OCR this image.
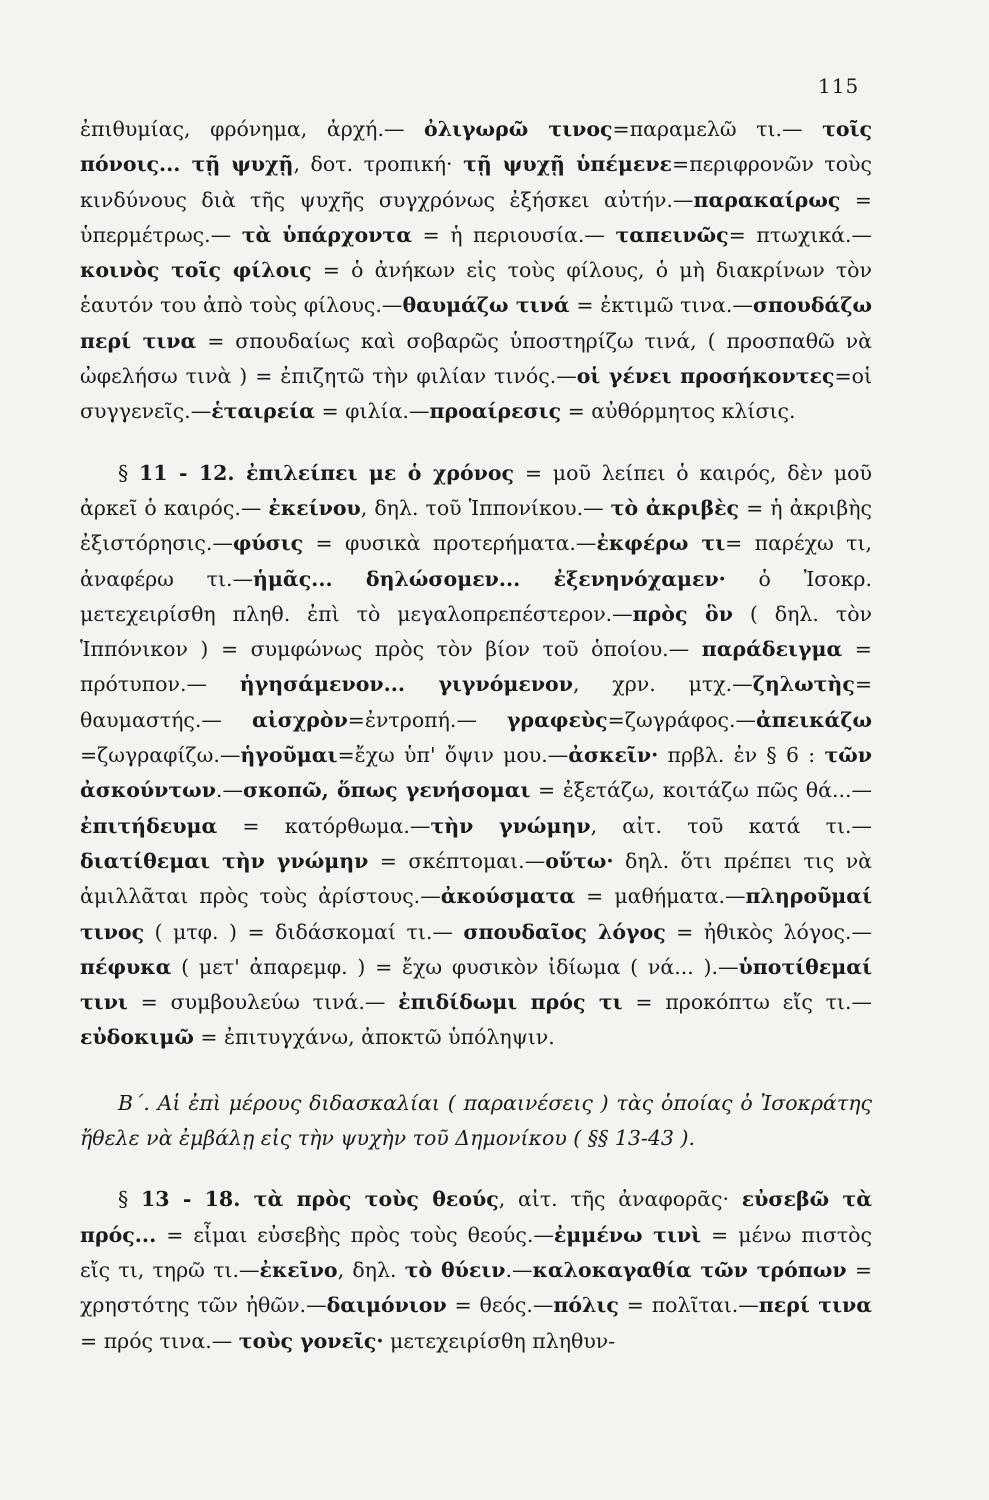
115

ἐπιθυμίας, φρόνημα, ἀρχή.— ὀλιγωρῶ τινος=παραμελῶ τι.— τοῖς πόνοις... τῇ ψυχῇ, δοτ. τροπική· τῇ ψυχῇ ὑπέμενε=περιφρονῶν τοὺς κινδύνους διὰ τῆς ψυχῆς συγχρόνως ἐξήσκει αὐτήν.—παρακαίρως = ὑπερμέτρως.— τὰ ὑπάρχοντα = ἡ περιουσία.— ταπεινῶς= πτωχικά.—κοινὸς τοῖς φίλοις = ὁ ἀνήκων εἰς τοὺς φίλους, ὁ μὴ διακρίνων τὸν ἑαυτόν του ἀπὸ τοὺς φίλους.—θαυμάζω τινά = ἐκτιμῶ τινα.—σπουδάζω περί τινα = σπουδαίως καὶ σοβαρῶς ὑποστηρίζω τινά, ( προσπαθῶ νὰ ὠφελήσω τινὰ ) = ἐπιζητῶ τὴν φιλίαν τινός.—οἱ γένει προσήκοντες=οἱ συγγενεῖς.—ἑταιρεία = φιλία.—προαίρεσις = αὐθόρμητος κλίσις.

§ 11 - 12. ἐπιλείπει με ὁ χρόνος = μοῦ λείπει ὁ καιρός, δὲν μοῦ ἀρκεῖ ὁ καιρός.— ἐκείνου, δηλ. τοῦ Ἱππονίκου.— τὸ ἀκριβὲς = ἡ ἀκριβὴς ἐξιστόρησις.—φύσις = φυσικὰ προτερήματα.—ἐκφέρω τι= παρέχω τι, ἀναφέρω τι.—ἡμᾶς... δηλώσομεν... ἐξενηνόχαμεν· ὁ Ἰσοκρ. μετεχειρίσθη πληθ. ἐπὶ τὸ μεγαλοπρεπέστερον.—πρὸς ὃν ( δηλ. τὸν Ἱππόνικον ) = συμφώνως πρὸς τὸν βίον τοῦ ὁποίου.— παράδειγμα = πρότυπον.— ἡγησάμενον... γιγνόμενον, χρν. μτχ.—ζηλωτὴς= θαυμαστής.— αἰσχρὸν=ἐντροπή.— γραφεὺς=ζωγράφος.—ἀπεικάζω =ζωγραφίζω.—ἡγοῦμαι=ἔχω ὑπ' ὄψιν μου.—ἀσκεῖν· πρβλ. ἐν § 6 : τῶν ἀσκούντων.—σκοπῶ, ὅπως γενήσομαι = ἐξετάζω, κοιτάζω πῶς θά...— ἐπιτήδευμα = κατόρθωμα.—τὴν γνώμην, αἰτ. τοῦ κατά τι.— διατίθεμαι τὴν γνώμην = σκέπτομαι.—οὕτω· δηλ. ὅτι πρέπει τις νὰ ἁμιλλᾶται πρὸς τοὺς ἀρίστους.—ἀκούσματα = μαθήματα.—πληροῦμαί τινος ( μτφ. ) = διδάσκομαί τι.— σπουδαῖος λόγος = ἠθικὸς λόγος.—πέφυκα ( μετ' ἀπαρεμφ. ) = ἔχω φυσικὸν ἰδίωμα ( νά... ).—ὑποτίθεμαί τινι = συμβουλεύω τινά.— ἐπιδίδωμι πρός τι = προκόπτω εἴς τι.— εὐδοκιμῶ = ἐπιτυγχάνω, ἀποκτῶ ὑπόληψιν.

Β΄. Αἱ ἐπὶ μέρους διδασκαλίαι ( παραινέσεις ) τὰς ὁποίας ὁ Ἰσοκράτης ἤθελε νὰ ἐμβάλῃ εἰς τὴν ψυχὴν τοῦ Δημονίκου ( §§ 13-43 ).

§ 13 - 18. τὰ πρὸς τοὺς θεούς, αἰτ. τῆς ἀναφορᾶς· εὐσεβῶ τὰ πρός... = εἶμαι εὐσεβὴς πρὸς τοὺς θεούς.—ἐμμένω τινὶ = μένω πιστὸς εἴς τι, τηρῶ τι.—ἐκεῖνο, δηλ. τὸ θύειν.—καλοκαγαθία τῶν τρόπων = χρηστότης τῶν ἠθῶν.—δαιμόνιον = θεός.—πόλις = πολῖται.—περί τινα = πρός τινα.— τοὺς γονεῖς· μετεχειρίσθη πληθυν-
